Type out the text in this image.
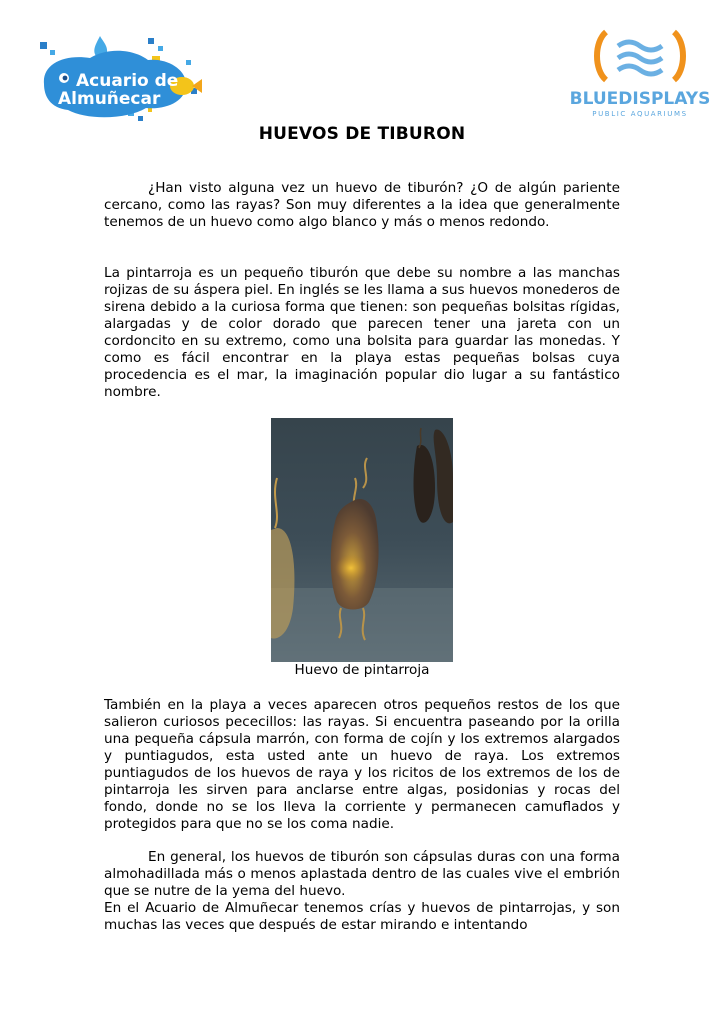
Acuario de
Almuñecar	BLUEDISPLAYS
PUBLIC AQUARIUMS
HUEVOS DE TIBURON
¿Han visto alguna vez un huevo de tiburón? ¿O de algún pariente cercano, como las rayas? Son muy diferentes a la idea que generalmente tenemos de un huevo como algo blanco y más o menos redondo.
La pintarroja es un pequeño tiburón que debe su nombre a las manchas rojizas de su áspera piel. En inglés se les llama a sus huevos monederos de sirena debido a la curiosa forma que tienen: son pequeñas bolsitas rígidas, alargadas y de color dorado que parecen tener una jareta con un cordoncito en su extremo, como una bolsita para guardar las monedas. Y como es fácil encontrar en la playa estas pequeñas bolsas cuya procedencia es el mar, la imaginación popular dio lugar a su fantástico nombre.
Huevo de pintarroja
También en la playa a veces aparecen otros pequeños restos de los que salieron curiosos pececillos: las rayas. Si encuentra paseando por la orilla una pequeña cápsula marrón, con forma de cojín y los extremos alargados y puntiagudos, esta usted ante un huevo de raya. Los extremos puntiagudos de los huevos de raya y los ricitos de los extremos de los de pintarroja les sirven para anclarse entre algas, posidonias y rocas del fondo, donde no se los lleva la corriente y permanecen camuflados y protegidos para que no se los coma nadie.
En general, los huevos de tiburón son cápsulas duras con una forma almohadillada más o menos aplastada dentro de las cuales vive el embrión que se nutre de la yema del huevo.
En el Acuario de Almuñecar tenemos crías y huevos de pintarrojas, y son muchas las veces que después de estar mirando e intentando
